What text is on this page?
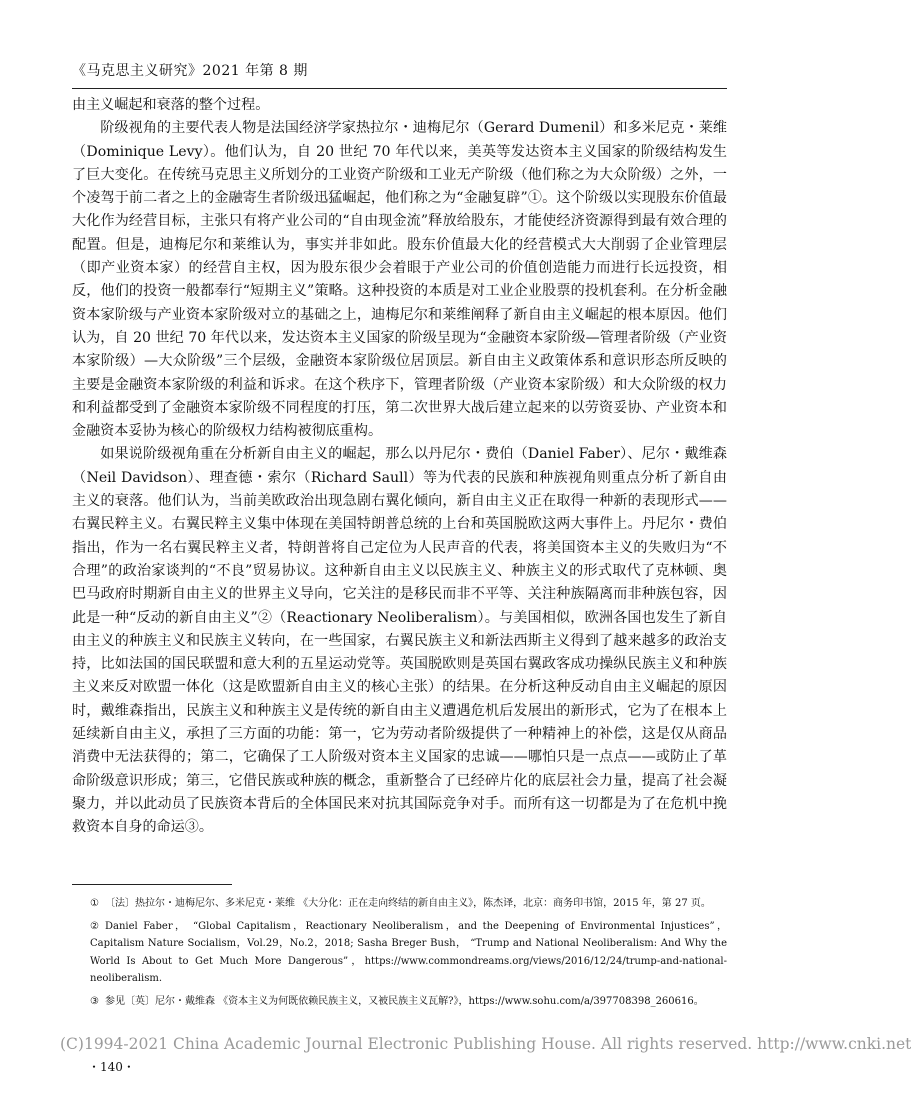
《马克思主义研究》2021 年第 8 期

由主义崛起和衰落的整个过程。

阶级视角的主要代表人物是法国经济学家热拉尔・迪梅尼尔（Gerard Dumenil）和多米尼克・莱维（Dominique Levy）。他们认为，自 20 世纪 70 年代以来，美英等发达资本主义国家的阶级结构发生了巨大变化。在传统马克思主义所划分的工业资产阶级和工业无产阶级（他们称之为大众阶级）之外，一个凌驾于前二者之上的金融寄生者阶级迅猛崛起，他们称之为“金融复辟”①。这个阶级以实现股东价值最大化作为经营目标，主张只有将产业公司的“自由现金流”释放给股东，才能使经济资源得到最有效合理的配置。但是，迪梅尼尔和莱维认为，事实并非如此。股东价值最大化的经营模式大大削弱了企业管理层（即产业资本家）的经营自主权，因为股东很少会着眼于产业公司的价值创造能力而进行长远投资，相反，他们的投资一般都奉行“短期主义”策略。这种投资的本质是对工业企业股票的投机套利。在分析金融资本家阶级与产业资本家阶级对立的基础之上，迪梅尼尔和莱维阐释了新自由主义崛起的根本原因。他们认为，自 20 世纪 70 年代以来，发达资本主义国家的阶级呈现为“金融资本家阶级—管理者阶级（产业资本家阶级）—大众阶级”三个层级，金融资本家阶级位居顶层。新自由主义政策体系和意识形态所反映的主要是金融资本家阶级的利益和诉求。在这个秩序下，管理者阶级（产业资本家阶级）和大众阶级的权力和利益都受到了金融资本家阶级不同程度的打压，第二次世界大战后建立起来的以劳资妥协、产业资本和金融资本妥协为核心的阶级权力结构被彻底重构。

如果说阶级视角重在分析新自由主义的崛起，那么以丹尼尔・费伯（Daniel Faber）、尼尔・戴维森（Neil Davidson）、理查德・索尔（Richard Saull）等为代表的民族和种族视角则重点分析了新自由主义的衰落。他们认为，当前美欧政治出现急剧右翼化倾向，新自由主义正在取得一种新的表现形式——右翼民粹主义。右翼民粹主义集中体现在美国特朗普总统的上台和英国脱欧这两大事件上。丹尼尔・费伯指出，作为一名右翼民粹主义者，特朗普将自己定位为人民声音的代表，将美国资本主义的失败归为“不合理”的政治家谈判的“不良”贸易协议。这种新自由主义以民族主义、种族主义的形式取代了克林顿、奥巴马政府时期新自由主义的世界主义导向，它关注的是移民而非不平等、关注种族隔离而非种族包容，因此是一种“反动的新自由主义”②（Reactionary Neoliberalism）。与美国相似，欧洲各国也发生了新自由主义的种族主义和民族主义转向，在一些国家，右翼民族主义和新法西斯主义得到了越来越多的政治支持，比如法国的国民联盟和意大利的五星运动党等。英国脱欧则是英国右翼政客成功操纵民族主义和种族主义来反对欧盟一体化（这是欧盟新自由主义的核心主张）的结果。在分析这种反动自由主义崛起的原因时，戴维森指出，民族主义和种族主义是传统的新自由主义遭遇危机后发展出的新形式，它为了在根本上延续新自由主义，承担了三方面的功能：第一，它为劳动者阶级提供了一种精神上的补偿，这是仅从商品消费中无法获得的；第二，它确保了工人阶级对资本主义国家的忠诚——哪怕只是一点点——或防止了革命阶级意识形成；第三，它借民族或种族的概念，重新整合了已经碎片化的底层社会力量，提高了社会凝聚力，并以此动员了民族资本背后的全体国民来对抗其国际竞争对手。而所有这一切都是为了在危机中挽救资本自身的命运③。

① 〔法〕热拉尔・迪梅尼尔、多米尼克・莱维 《大分化：正在走向终结的新自由主义》，陈杰译，北京：商务印书馆，2015 年，第 27 页。
② Daniel Faber， “Global Capitalism，Reactionary Neoliberalism，and the Deepening of Environmental Injustices”，Capitalism Nature Socialism，Vol.29，No.2，2018; Sasha Breger Bush， “Trump and National Neoliberalism: And Why the World Is About to Get Much More Dangerous”，https://www.commondreams.org/views/2016/12/24/trump-and-national-neoliberalism.
③ 参见〔英〕尼尔・戴维森 《资本主义为何既依赖民族主义，又被民族主义瓦解?》，https://www.sohu.com/a/397708398_260616。
(C)1994-2021 China Academic Journal Electronic Publishing House. All rights reserved. http://www.cnki.net
・140・
